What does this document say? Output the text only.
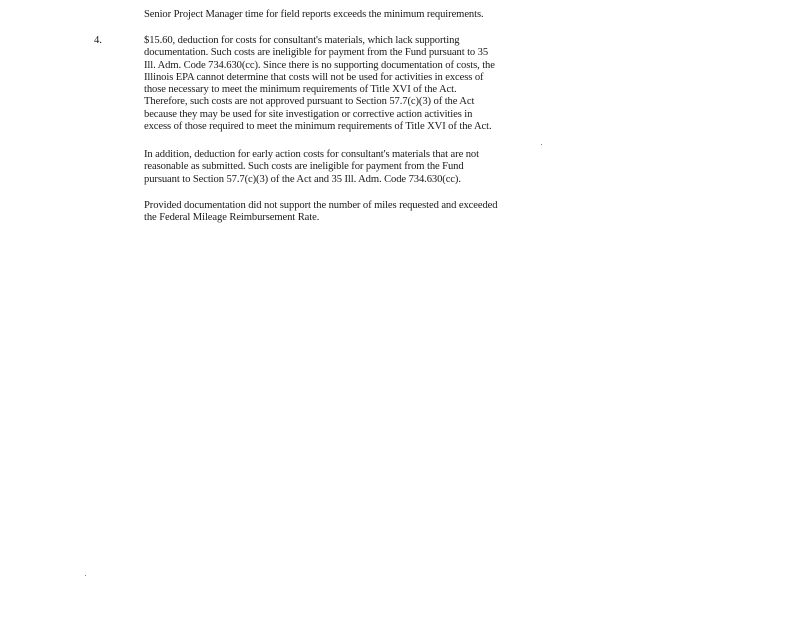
Senior Project Manager time for field reports exceeds the minimum requirements.
4.	$15.60, deduction for costs for consultant's materials, which lack supporting
documentation. Such costs are ineligible for payment from the Fund pursuant to 35
Ill. Adm. Code 734.630(cc). Since there is no supporting documentation of costs, the
Illinois EPA cannot determine that costs will not be used for activities in excess of
those necessary to meet the minimum requirements of Title XVI of the Act.
Therefore, such costs are not approved pursuant to Section 57.7(c)(3) of the Act
because they may be used for site investigation or corrective action activities in
excess of those required to meet the minimum requirements of Title XVI of the Act.
In addition, deduction for early action costs for consultant's materials that are not
reasonable as submitted. Such costs are ineligible for payment from the Fund
pursuant to Section 57.7(c)(3) of the Act and 35 Ill. Adm. Code 734.630(cc).
Provided documentation did not support the number of miles requested and exceeded
the Federal Mileage Reimbursement Rate.
